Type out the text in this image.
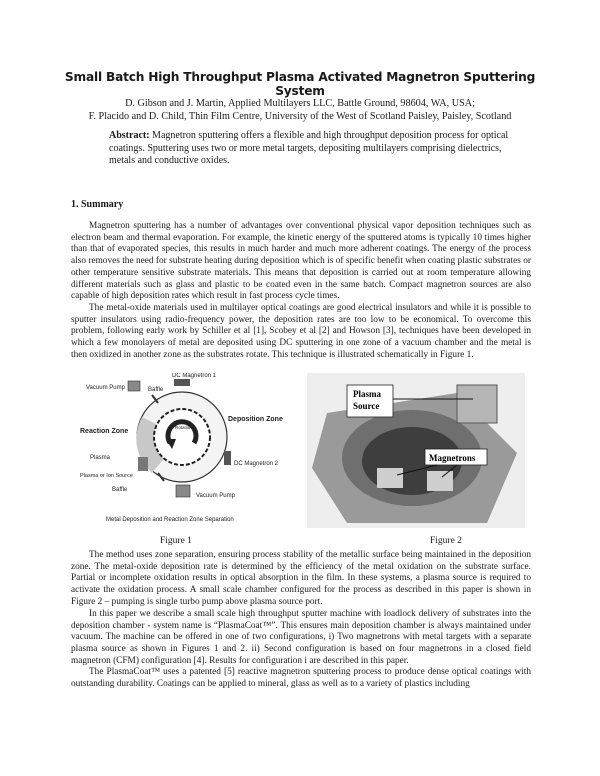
Small Batch High Throughput Plasma Activated Magnetron Sputtering System
D. Gibson and J. Martin, Applied Multilayers LLC, Battle Ground, 98604, WA, USA;
F. Placido and D. Child, Thin Film Centre, University of the West of Scotland Paisley, Paisley, Scotland
Abstract: Magnetron sputtering offers a flexible and high throughput deposition process for optical coatings. Sputtering uses two or more metal targets, depositing multilayers comprising dielectrics, metals and conductive oxides.
1. Summary

Magnetron sputtering has a number of advantages over conventional physical vapor deposition techniques such as electron beam and thermal evaporation. For example, the kinetic energy of the sputtered atoms is typically 10 times higher than that of evaporated species, this results in much harder and much more adherent coatings. The energy of the process also removes the need for substrate heating during deposition which is of specific benefit when coating plastic substrates or other temperature sensitive substrate materials. This means that deposition is carried out at room temperature allowing different materials such as glass and plastic to be coated even in the same batch. Compact magnetron sources are also capable of high deposition rates which result in fast process cycle times.

The metal-oxide materials used in multilayer optical coatings are good electrical insulators and while it is possible to sputter insulators using radio-frequency power, the deposition rates are too low to be economical. To overcome this problem, following early work by Schiller et al [1], Scobey et al [2] and Howson [3], techniques have been developed in which a few monolayers of metal are deposited using DC sputtering in one zone of a vacuum chamber and the metal is then oxidized in another zone as the substrates rotate. This technique is illustrated schematically in Figure 1.

DC Magnetron 1
Vacuum Pump	Baffle
Reaction Zone
Deposition Zone
Plasma
Rotation
DC Magnetron 2
Plasma or Ion Source
Baffle
Vacuum Pump
Metal Deposition and Reaction Zone Separation
Plasma
Source
Magnetrons
Figure 1	Figure 2

The method uses zone separation, ensuring process stability of the metallic surface being maintained in the deposition zone. The metal-oxide deposition rate is determined by the efficiency of the metal oxidation on the substrate surface. Partial or incomplete oxidation results in optical absorption in the film. In these systems, a plasma source is required to activate the oxidation process. A small scale chamber configured for the process as described in this paper is shown in Figure 2 – pumping is single turbo pump above plasma source port.

In this paper we describe a small scale high throughput sputter machine with loadlock delivery of substrates into the deposition chamber - system name is “PlasmaCoat™”. This ensures main deposition chamber is always maintained under vacuum. The machine can be offered in one of two configurations, i) Two magnetrons with metal targets with a separate plasma source as shown in Figures 1 and 2. ii) Second configuration is based on four magnetrons in a closed field magnetron (CFM) configuration [4]. Results for configuration i are described in this paper.

The PlasmaCoat™ uses a patented [5] reactive magnetron sputtering process to produce dense optical coatings with outstanding durability. Coatings can be applied to mineral, glass as well as to a variety of plastics including
